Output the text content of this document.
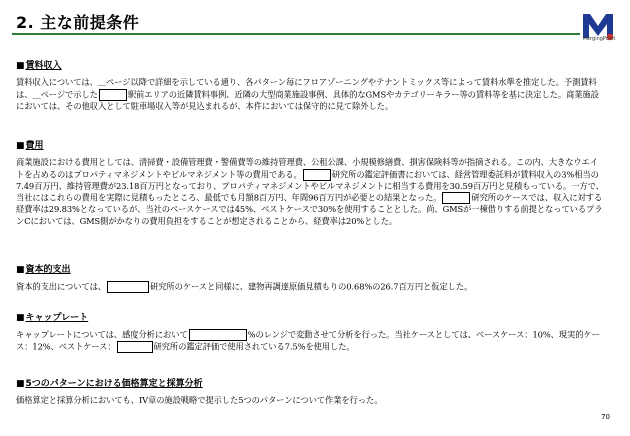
2. 主な前提条件
MergingPoint
■賃料収入
賃料収入については、＿ページ以降で詳細を示している通り、各パターン毎にフロアゾーニングやテナントミックス等によって賃料水準を推定した。予測賃料は、＿ページで示した	駅前エリアの近隣賃料事例、近隣の大型商業施設事例、具体的なGMSやカテゴリーキラー等の賃料等を基に決定した。商業施設においては、その他収入として駐車場収入等が見込まれるが、本件においては保守的に見て除外した。
■費用
商業施設における費用としては、清掃費・設備管理費・警備費等の維持管理費、公租公課、小規模修繕費、損害保険料等が指摘される。この内、大きなウエイトを占めるのはプロパティマネジメントやビルマネジメント等の費用である。	研究所の鑑定評価書においては、経営管理委託料が賃料収入の3%相当の7.49百万円、維持管理費が23.18百万円となっており、プロパティマネジメントやビルマネジメントに相当する費用を30.59百万円と見積もっている。一方で、当社にはこれらの費用を実際に見積もったところ、最低でも月額8百万円、年間96百万円が必要との結果となった。	研究所のケースでは、収入に対する経費率は29.83%となっているが、当社のベースケースでは45%、ベストケースで30%を使用することとした。尚、GMSが一棟借りする前提となっているプランCにおいては、GMS側がかなりの費用負担をすることが想定されることから、経費率は20%とした。
■資本的支出
資本的支出については、	研究所のケースと同様に、建物再調達原価見積もりの0.68%の26.7百万円と仮定した。
■キャップレート
キャップレートについては、感度分析において	%のレンジで変動させて分析を行った。当社ケースとしては、ベースケース：10%、現実的ケース：12%、ベストケース：	研究所の鑑定評価で使用されている7.5%を使用した。
■5つのパターンにおける価格算定と採算分析
価格算定と採算分析においても、IV章の施設戦略で提示した5つのパターンについて作業を行った。
70
